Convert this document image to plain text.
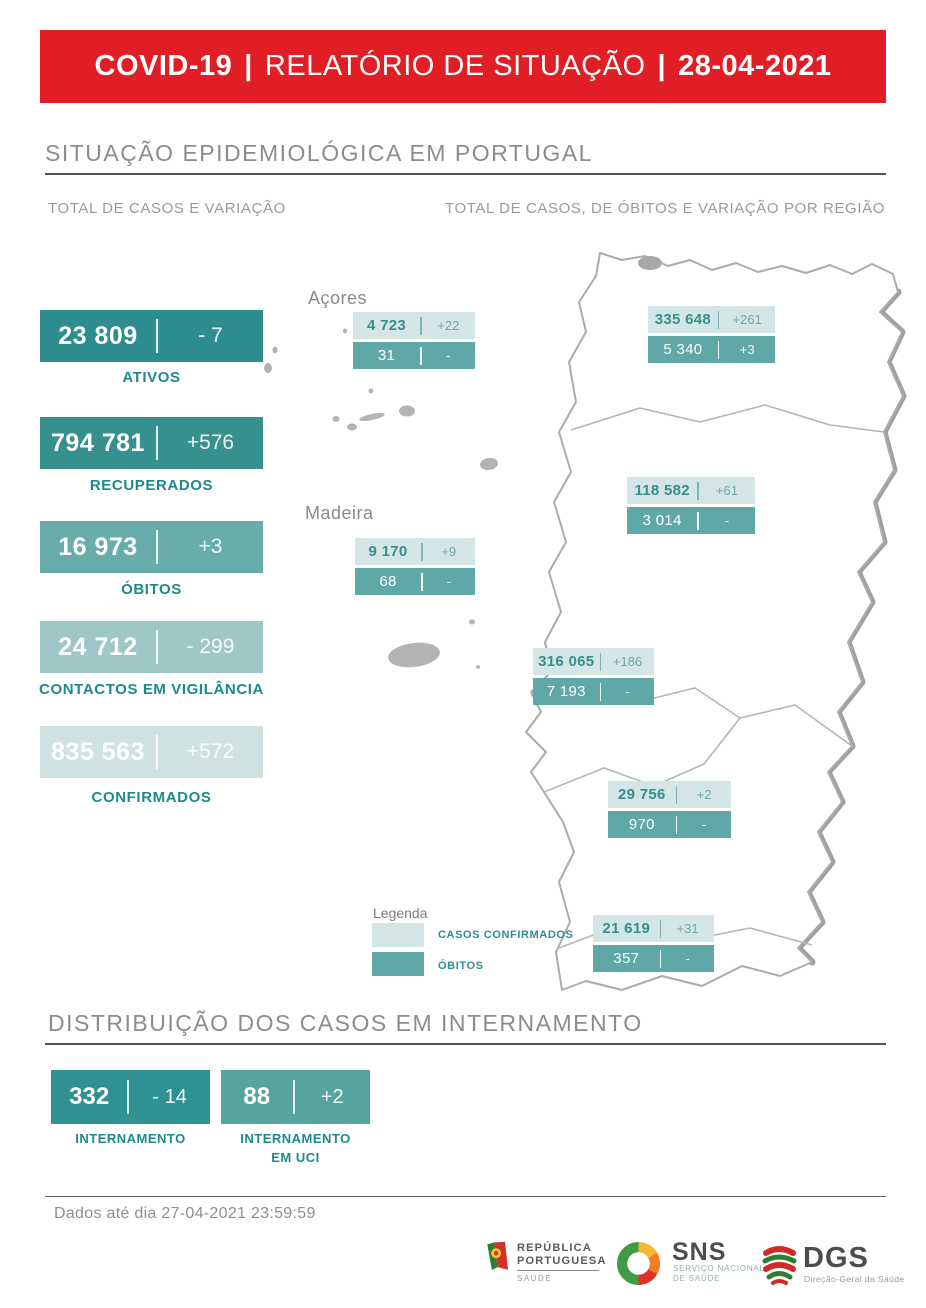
COVID-19 | RELATÓRIO DE SITUAÇÃO | 28-04-2021
SITUAÇÃO EPIDEMIOLÓGICA EM PORTUGAL
TOTAL DE CASOS E VARIAÇÃO	TOTAL DE CASOS, DE ÓBITOS E VARIAÇÃO POR REGIÃO
23 809	- 7
ATIVOS
794 781	+576
RECUPERADOS
16 973	+3
ÓBITOS
24 712	- 299
CONTACTOS EM VIGILÂNCIA
835 563	+572
CONFIRMADOS
Açores
4 723	+22
31	-
335 648	+261
5 340	+3
118 582	+61
3 014	-
Madeira
9 170	+9
68	-
316 065	+186
7 193	-
29 756	+2
970	-
21 619	+31
357	-
Legenda
CASOS CONFIRMADOS
ÓBITOS
DISTRIBUIÇÃO DOS CASOS EM INTERNAMENTO
332	- 14
INTERNAMENTO
88	+2
INTERNAMENTO
EM UCI
Dados até dia 27-04-2021 23:59:59
REPÚBLICA
PORTUGUESA
SAÚDE
SNS
SERVIÇO NACIONAL
DE SAÚDE
DGS
Direção-Geral da Saúde
